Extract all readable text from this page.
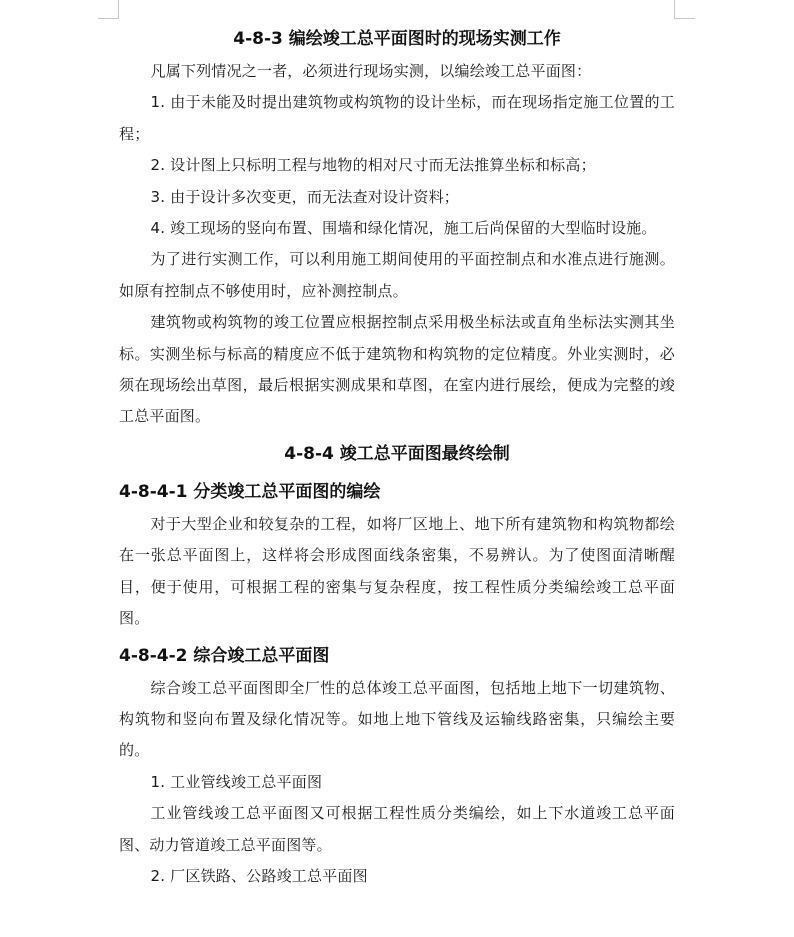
4-8-3 编绘竣工总平面图时的现场实测工作

凡属下列情况之一者，必须进行现场实测，以编绘竣工总平面图：

1. 由于未能及时提出建筑物或构筑物的设计坐标，而在现场指定施工位置的工程；

2. 设计图上只标明工程与地物的相对尺寸而无法推算坐标和标高；

3. 由于设计多次变更，而无法查对设计资料；

4. 竣工现场的竖向布置、围墙和绿化情况，施工后尚保留的大型临时设施。

为了进行实测工作，可以利用施工期间使用的平面控制点和水准点进行施测。如原有控制点不够使用时，应补测控制点。

建筑物或构筑物的竣工位置应根据控制点采用极坐标法或直角坐标法实测其坐标。实测坐标与标高的精度应不低于建筑物和构筑物的定位精度。外业实测时，必须在现场绘出草图，最后根据实测成果和草图，在室内进行展绘，便成为完整的竣工总平面图。

4-8-4 竣工总平面图最终绘制
4-8-4-1 分类竣工总平面图的编绘

对于大型企业和较复杂的工程，如将厂区地上、地下所有建筑物和构筑物都绘在一张总平面图上，这样将会形成图面线条密集，不易辨认。为了使图面清晰醒目，便于使用，可根据工程的密集与复杂程度，按工程性质分类编绘竣工总平面图。

4-8-4-2 综合竣工总平面图

综合竣工总平面图即全厂性的总体竣工总平面图，包括地上地下一切建筑物、构筑物和竖向布置及绿化情况等。如地上地下管线及运输线路密集，只编绘主要的。

1. 工业管线竣工总平面图

工业管线竣工总平面图又可根据工程性质分类编绘，如上下水道竣工总平面图、动力管道竣工总平面图等。

2. 厂区铁路、公路竣工总平面图
